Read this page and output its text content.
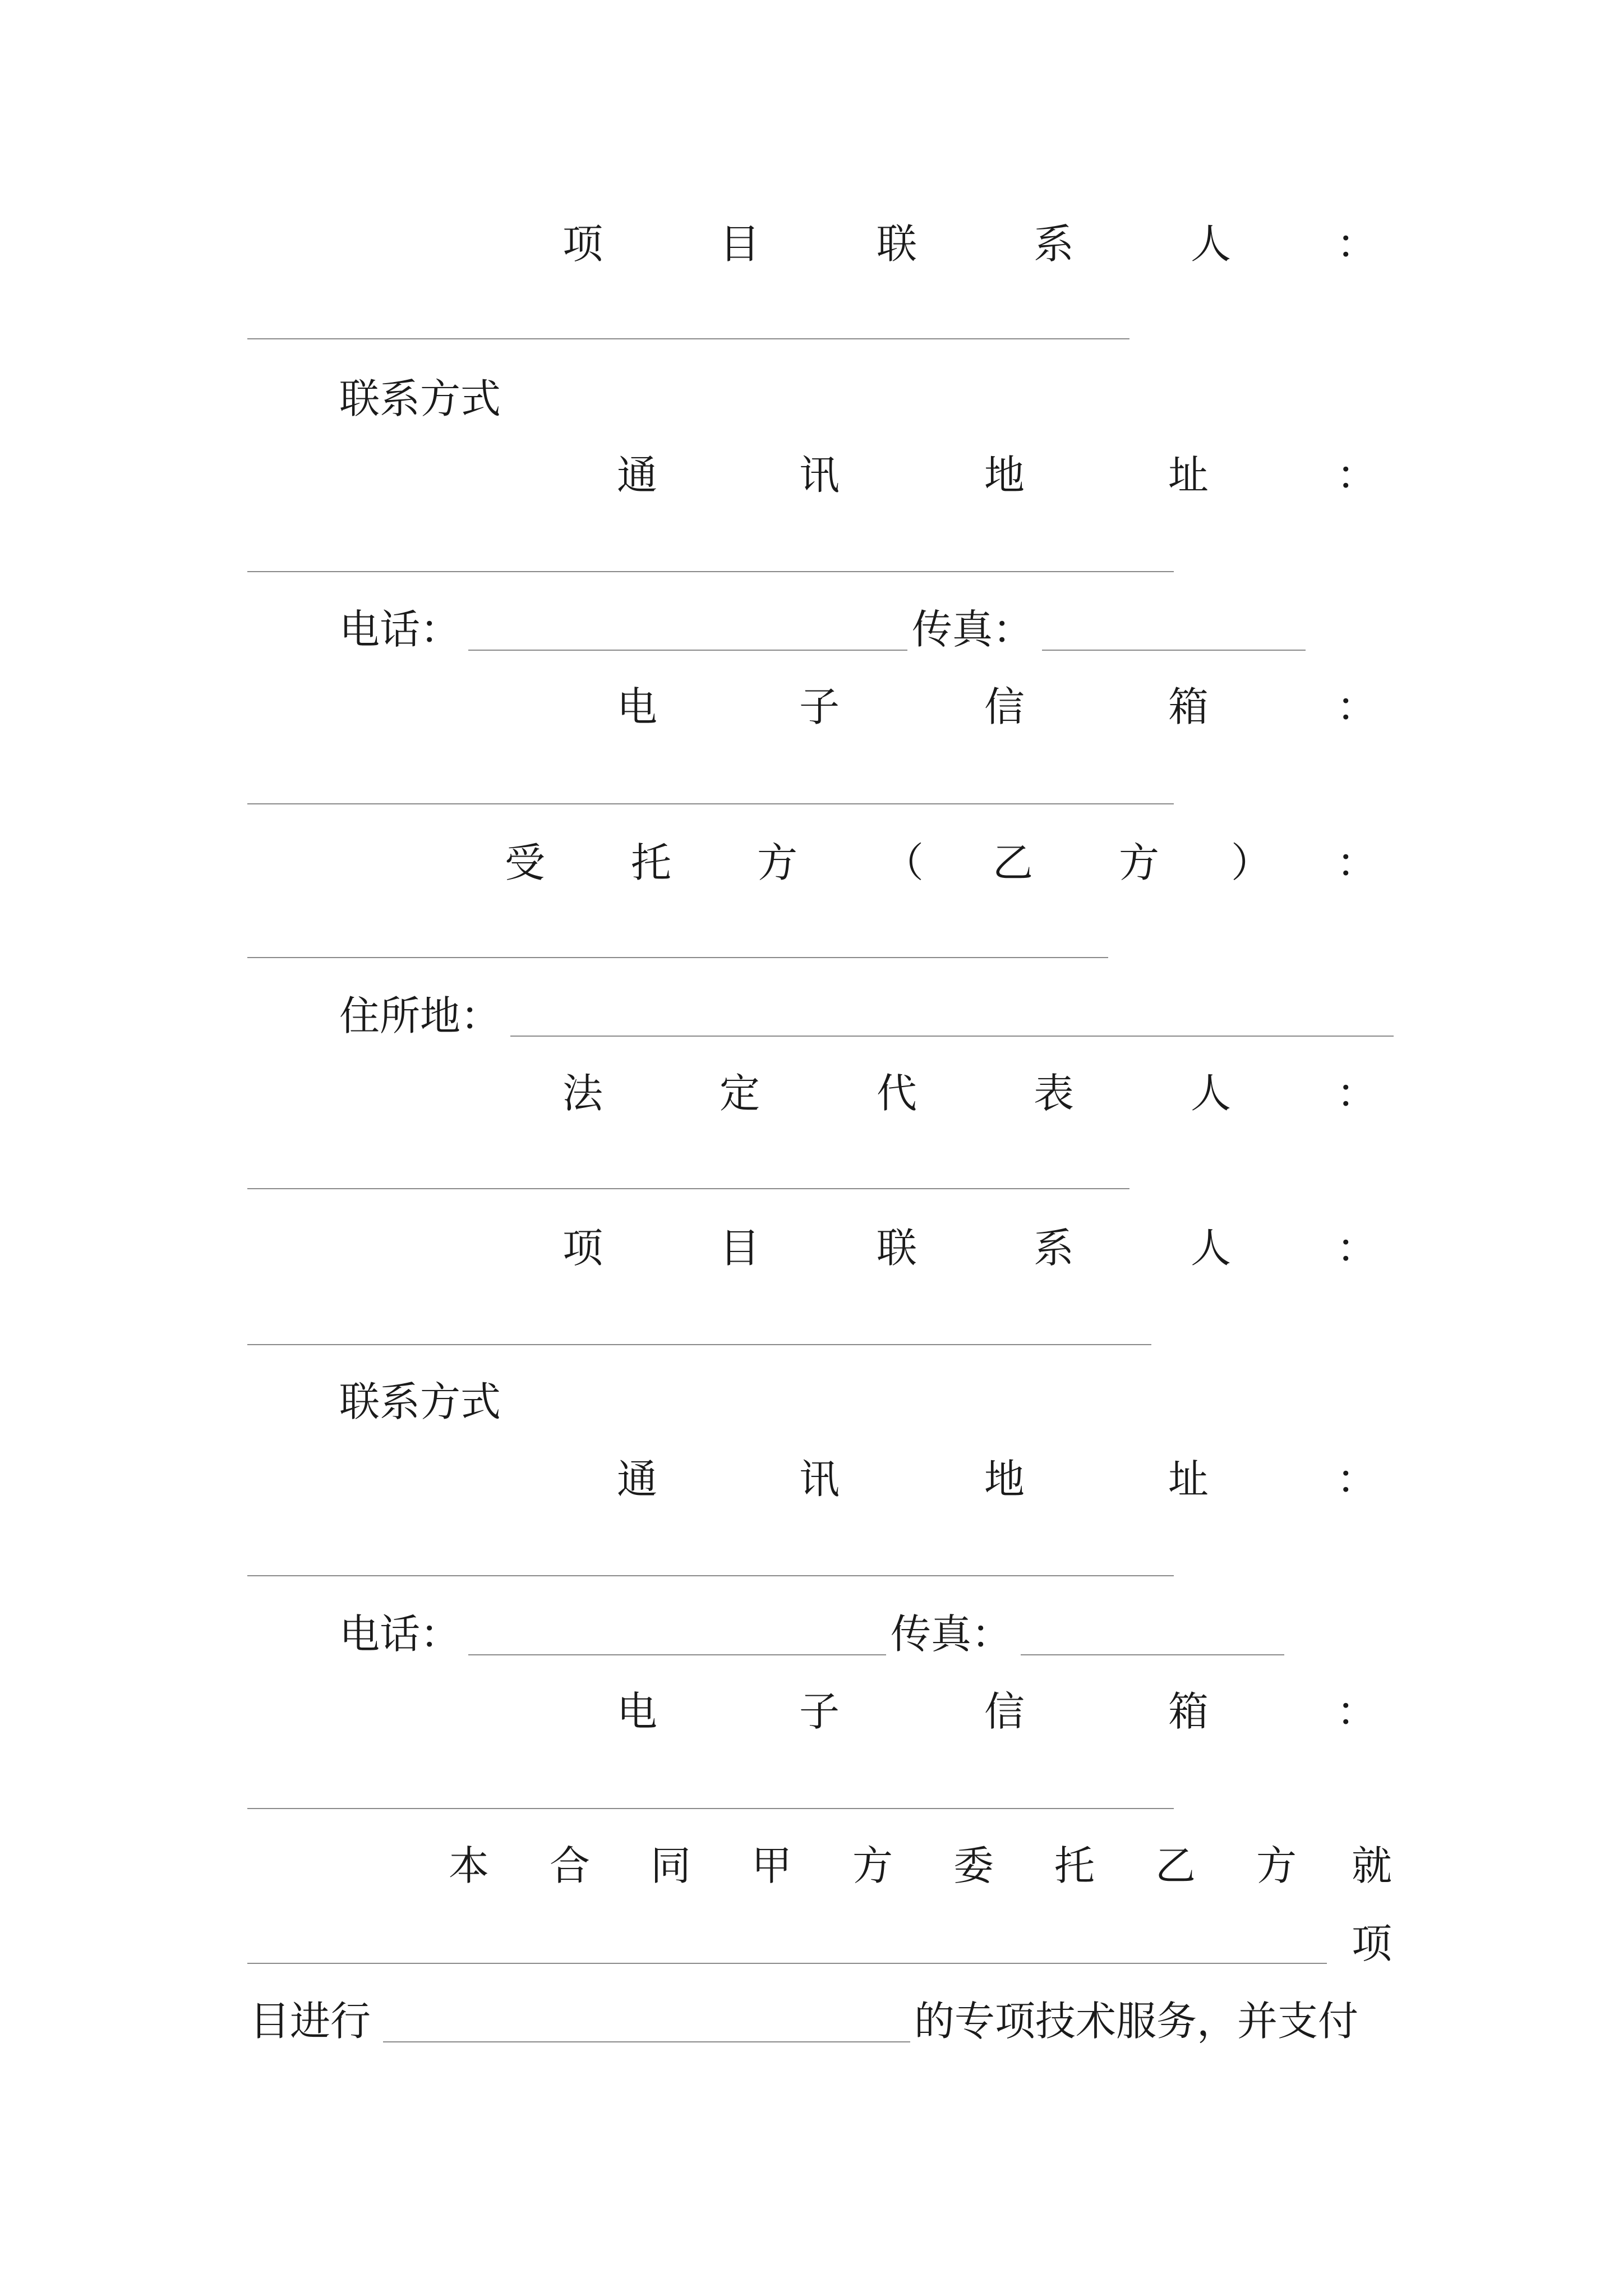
项	目	联	系	人	：
联系方式
通	讯	地	址	：
电话：	传真：
电	子	信	箱	：
受 托 方 （ 乙 方 ） ：
住所地：
法	定	代	表	人	：
项	目	联	系	人	：
联系方式
通	讯	地	址	：
电话：	传真：
电	子	信	箱	：
本 合 同 甲 方 委 托 乙 方 就
项
目进行	的专项技术服务，并支付
